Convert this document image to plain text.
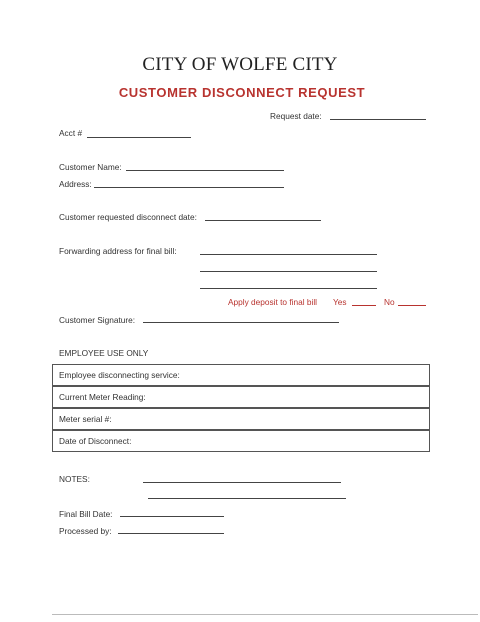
CITY OF WOLFE CITY
CUSTOMER DISCONNECT REQUEST
Request date:
Acct #
Customer Name:
Address:
Customer requested disconnect date:
Forwarding address for final bill:
Apply deposit to final bill Yes	No
Customer Signature:
EMPLOYEE USE ONLY
Employee disconnecting service:
Current Meter Reading:
Meter serial #:
Date of Disconnect:
NOTES:
Final Bill Date:
Processed by:
